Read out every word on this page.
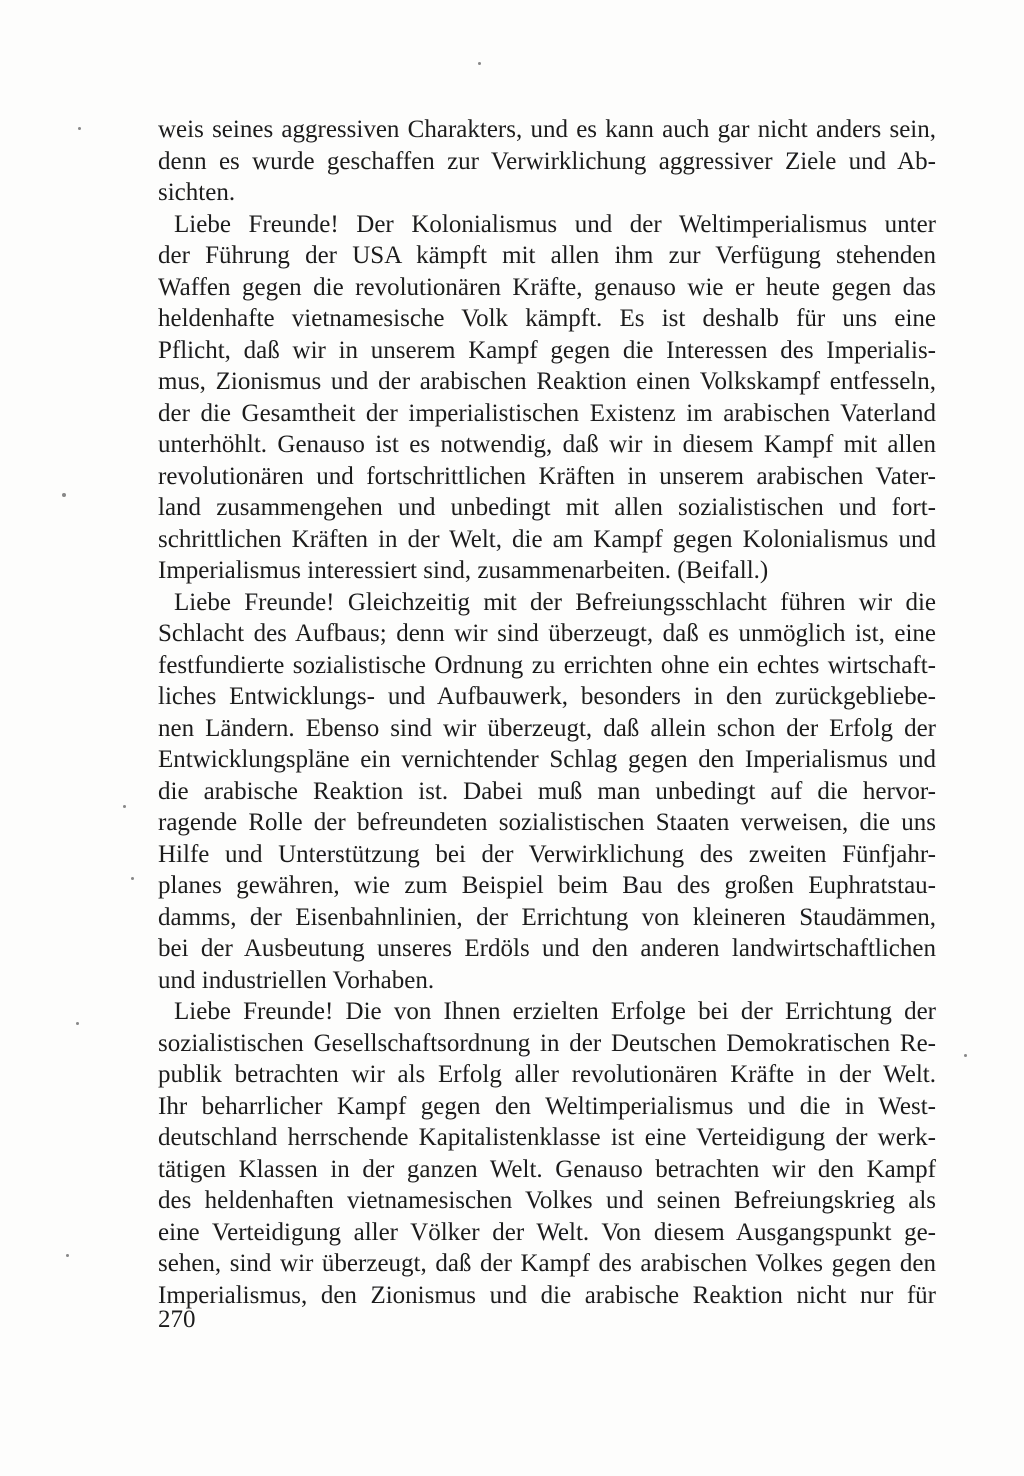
weis seines aggressiven Charakters, und es kann auch gar nicht anders sein,
denn es wurde geschaffen zur Verwirklichung aggressiver Ziele und Ab-
sichten.
Liebe Freunde! Der Kolonialismus und der Weltimperialismus unter
der Führung der USA kämpft mit allen ihm zur Verfügung stehenden
Waffen gegen die revolutionären Kräfte, genauso wie er heute gegen das
heldenhafte vietnamesische Volk kämpft. Es ist deshalb für uns eine
Pflicht, daß wir in unserem Kampf gegen die Interessen des Imperialis-
mus, Zionismus und der arabischen Reaktion einen Volkskampf entfesseln,
der die Gesamtheit der imperialistischen Existenz im arabischen Vaterland
unterhöhlt. Genauso ist es notwendig, daß wir in diesem Kampf mit allen
revolutionären und fortschrittlichen Kräften in unserem arabischen Vater-
land zusammengehen und unbedingt mit allen sozialistischen und fort-
schrittlichen Kräften in der Welt, die am Kampf gegen Kolonialismus und
Imperialismus interessiert sind, zusammenarbeiten. (Beifall.)
Liebe Freunde! Gleichzeitig mit der Befreiungsschlacht führen wir die
Schlacht des Aufbaus; denn wir sind überzeugt, daß es unmöglich ist, eine
festfundierte sozialistische Ordnung zu errichten ohne ein echtes wirtschaft-
liches Entwicklungs- und Aufbauwerk, besonders in den zurückgebliebe-
nen Ländern. Ebenso sind wir überzeugt, daß allein schon der Erfolg der
Entwicklungspläne ein vernichtender Schlag gegen den Imperialismus und
die arabische Reaktion ist. Dabei muß man unbedingt auf die hervor-
ragende Rolle der befreundeten sozialistischen Staaten verweisen, die uns
Hilfe und Unterstützung bei der Verwirklichung des zweiten Fünfjahr-
planes gewähren, wie zum Beispiel beim Bau des großen Euphratstau-
damms, der Eisenbahnlinien, der Errichtung von kleineren Staudämmen,
bei der Ausbeutung unseres Erdöls und den anderen landwirtschaftlichen
und industriellen Vorhaben.
Liebe Freunde! Die von Ihnen erzielten Erfolge bei der Errichtung der
sozialistischen Gesellschaftsordnung in der Deutschen Demokratischen Re-
publik betrachten wir als Erfolg aller revolutionären Kräfte in der Welt.
Ihr beharrlicher Kampf gegen den Weltimperialismus und die in West-
deutschland herrschende Kapitalistenklasse ist eine Verteidigung der werk-
tätigen Klassen in der ganzen Welt. Genauso betrachten wir den Kampf
des heldenhaften vietnamesischen Volkes und seinen Befreiungskrieg als
eine Verteidigung aller Völker der Welt. Von diesem Ausgangspunkt ge-
sehen, sind wir überzeugt, daß der Kampf des arabischen Volkes gegen den
Imperialismus, den Zionismus und die arabische Reaktion nicht nur für
270
